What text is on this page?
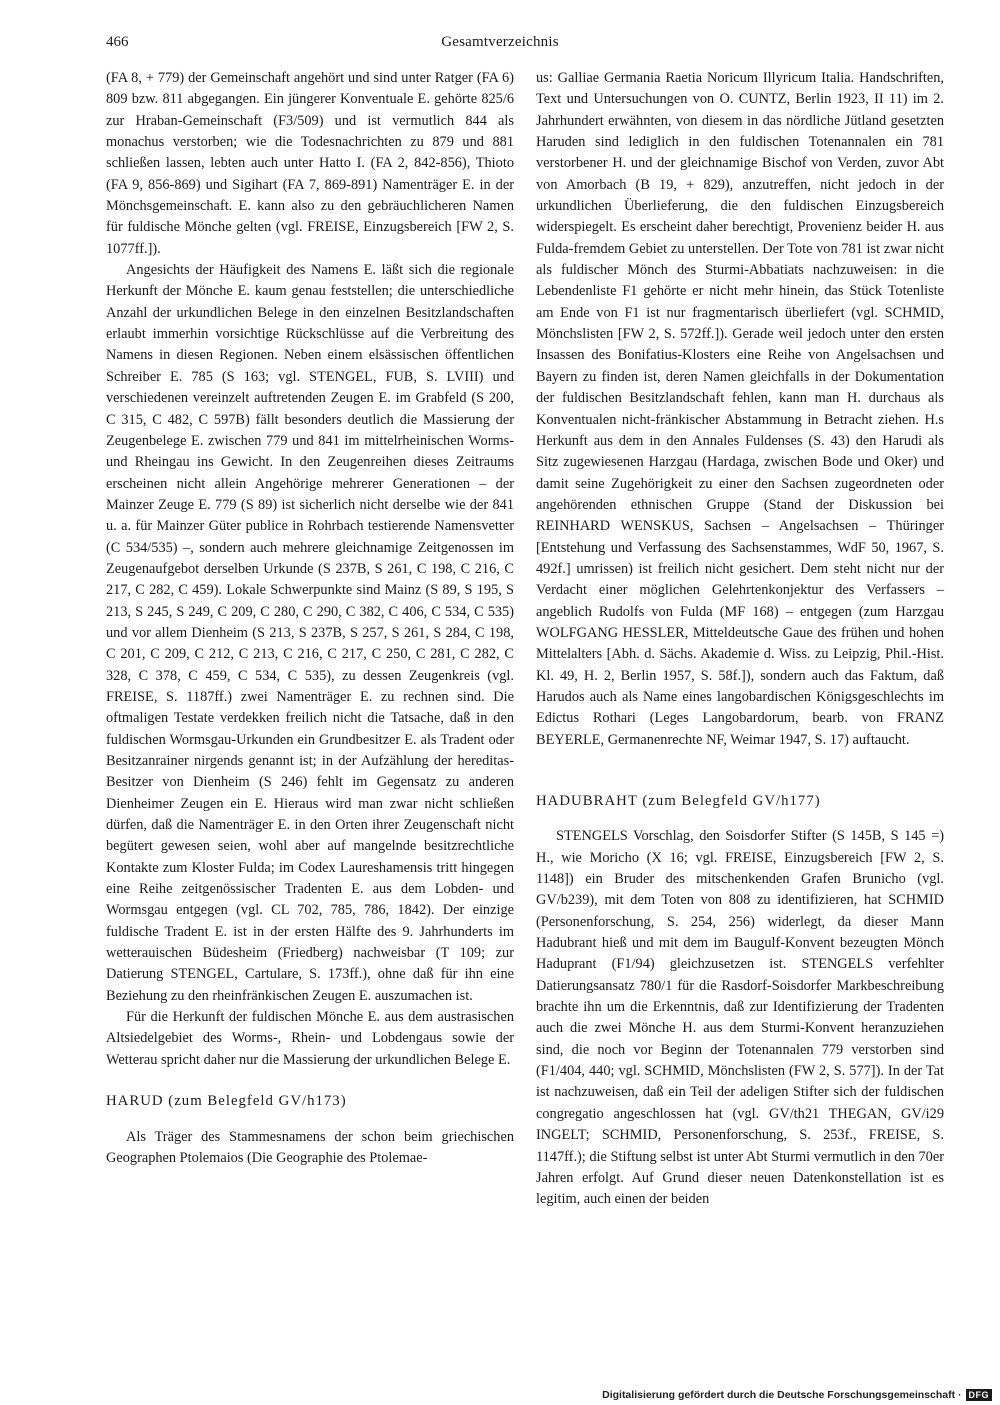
466	Gesamtverzeichnis

(FA 8, + 779) der Gemeinschaft angehört und sind unter Ratger (FA 6) 809 bzw. 811 abgegangen. Ein jüngerer Konventuale E. gehörte 825/6 zur Hraban-Gemeinschaft (F3/509) und ist vermutlich 844 als monachus verstorben; wie die Todesnachrichten zu 879 und 881 schließen lassen, lebten auch unter Hatto I. (FA 2, 842-856), Thioto (FA 9, 856-869) und Sigihart (FA 7, 869-891) Namenträger E. in der Mönchsgemeinschaft. E. kann also zu den gebräuchlicheren Namen für fuldische Mönche gelten (vgl. FREISE, Einzugsbereich [FW 2, S. 1077ff.]).

Angesichts der Häufigkeit des Namens E. läßt sich die regionale Herkunft der Mönche E. kaum genau feststellen; die unterschiedliche Anzahl der urkundlichen Belege in den einzelnen Besitzlandschaften erlaubt immerhin vorsichtige Rückschlüsse auf die Verbreitung des Namens in diesen Regionen. Neben einem elsässischen öffentlichen Schreiber E. 785 (S 163; vgl. STENGEL, FUB, S. LVIII) und verschiedenen vereinzelt auftretenden Zeugen E. im Grabfeld (S 200, C 315, C 482, C 597B) fällt besonders deutlich die Massierung der Zeugenbelege E. zwischen 779 und 841 im mittelrheinischen Worms- und Rheingau ins Gewicht. In den Zeugenreihen dieses Zeitraums erscheinen nicht allein Angehörige mehrerer Generationen – der Mainzer Zeuge E. 779 (S 89) ist sicherlich nicht derselbe wie der 841 u. a. für Mainzer Güter publice in Rohrbach testierende Namensvetter (C 534/535) –, sondern auch mehrere gleichnamige Zeitgenossen im Zeugenaufgebot derselben Urkunde (S 237B, S 261, C 198, C 216, C 217, C 282, C 459). Lokale Schwerpunkte sind Mainz (S 89, S 195, S 213, S 245, S 249, C 209, C 280, C 290, C 382, C 406, C 534, C 535) und vor allem Dienheim (S 213, S 237B, S 257, S 261, S 284, C 198, C 201, C 209, C 212, C 213, C 216, C 217, C 250, C 281, C 282, C 328, C 378, C 459, C 534, C 535), zu dessen Zeugenkreis (vgl. FREISE, S. 1187ff.) zwei Namenträger E. zu rechnen sind. Die oftmaligen Testate verdekken freilich nicht die Tatsache, daß in den fuldischen Wormsgau-Urkunden ein Grundbesitzer E. als Tradent oder Besitzanrainer nirgends genannt ist; in der Aufzählung der hereditas-Besitzer von Dienheim (S 246) fehlt im Gegensatz zu anderen Dienheimer Zeugen ein E. Hieraus wird man zwar nicht schließen dürfen, daß die Namenträger E. in den Orten ihrer Zeugenschaft nicht begütert gewesen seien, wohl aber auf mangelnde besitzrechtliche Kontakte zum Kloster Fulda; im Codex Laureshamensis tritt hingegen eine Reihe zeitgenössischer Tradenten E. aus dem Lobden- und Wormsgau entgegen (vgl. CL 702, 785, 786, 1842). Der einzige fuldische Tradent E. ist in der ersten Hälfte des 9. Jahrhunderts im wetterauischen Büdesheim (Friedberg) nachweisbar (T 109; zur Datierung STENGEL, Cartulare, S. 173ff.), ohne daß für ihn eine Beziehung zu den rheinfränkischen Zeugen E. auszumachen ist.

Für die Herkunft der fuldischen Mönche E. aus dem austrasischen Altsiedelgebiet des Worms-, Rhein- und Lobdengaus sowie der Wetterau spricht daher nur die Massierung der urkundlichen Belege E.

HARUD (zum Belegfeld GV/h173)

Als Träger des Stammesnamens der schon beim griechischen Geographen Ptolemaios (Die Geographie des Ptolemae-

us: Galliae Germania Raetia Noricum Illyricum Italia. Handschriften, Text und Untersuchungen von O. CUNTZ, Berlin 1923, II 11) im 2. Jahrhundert erwähnten, von diesem in das nördliche Jütland gesetzten Haruden sind lediglich in den fuldischen Totenannalen ein 781 verstorbener H. und der gleichnamige Bischof von Verden, zuvor Abt von Amorbach (B 19, + 829), anzutreffen, nicht jedoch in der urkundlichen Überlieferung, die den fuldischen Einzugsbereich widerspiegelt. Es erscheint daher berechtigt, Provenienz beider H. aus Fulda-fremdem Gebiet zu unterstellen. Der Tote von 781 ist zwar nicht als fuldischer Mönch des Sturmi-Abbatiats nachzuweisen: in die Lebendenliste F1 gehörte er nicht mehr hinein, das Stück Totenliste am Ende von F1 ist nur fragmentarisch überliefert (vgl. SCHMID, Mönchslisten [FW 2, S. 572ff.]). Gerade weil jedoch unter den ersten Insassen des Bonifatius-Klosters eine Reihe von Angelsachsen und Bayern zu finden ist, deren Namen gleichfalls in der Dokumentation der fuldischen Besitzlandschaft fehlen, kann man H. durchaus als Konventualen nicht-fränkischer Abstammung in Betracht ziehen. H.s Herkunft aus dem in den Annales Fuldenses (S. 43) den Harudi als Sitz zugewiesenen Harzgau (Hardaga, zwischen Bode und Oker) und damit seine Zugehörigkeit zu einer den Sachsen zugeordneten oder angehörenden ethnischen Gruppe (Stand der Diskussion bei REINHARD WENSKUS, Sachsen – Angelsachsen – Thüringer [Entstehung und Verfassung des Sachsenstammes, WdF 50, 1967, S. 492f.] umrissen) ist freilich nicht gesichert. Dem steht nicht nur der Verdacht einer möglichen Gelehrtenkonjektur des Verfassers – angeblich Rudolfs von Fulda (MF 168) – entgegen (zum Harzgau WOLFGANG HESSLER, Mitteldeutsche Gaue des frühen und hohen Mittelalters [Abh. d. Sächs. Akademie d. Wiss. zu Leipzig, Phil.-Hist. Kl. 49, H. 2, Berlin 1957, S. 58f.]), sondern auch das Faktum, daß Harudos auch als Name eines langobardischen Königsgeschlechts im Edictus Rothari (Leges Langobardorum, bearb. von FRANZ BEYERLE, Germanenrechte NF, Weimar 1947, S. 17) auftaucht.

HADUBRAHT (zum Belegfeld GV/h177)

STENGELS Vorschlag, den Soisdorfer Stifter (S 145B, S 145 =) H., wie Moricho (X 16; vgl. FREISE, Einzugsbereich [FW 2, S. 1148]) ein Bruder des mitschenkenden Grafen Brunicho (vgl. GV/b239), mit dem Toten von 808 zu identifizieren, hat SCHMID (Personenforschung, S. 254, 256) widerlegt, da dieser Mann Hadubrant hieß und mit dem im Baugulf-Konvent bezeugten Mönch Haduprant (F1/94) gleichzusetzen ist. STENGELS verfehlter Datierungsansatz 780/1 für die Rasdorf-Soisdorfer Markbeschreibung brachte ihn um die Erkenntnis, daß zur Identifizierung der Tradenten auch die zwei Mönche H. aus dem Sturmi-Konvent heranzuziehen sind, die noch vor Beginn der Totenannalen 779 verstorben sind (F1/404, 440; vgl. SCHMID, Mönchslisten (FW 2, S. 577]). In der Tat ist nachzuweisen, daß ein Teil der adeligen Stifter sich der fuldischen congregatio angeschlossen hat (vgl. GV/th21 THEGAN, GV/i29 INGELT; SCHMID, Personenforschung, S. 253f., FREISE, S. 1147ff.); die Stiftung selbst ist unter Abt Sturmi vermutlich in den 70er Jahren erfolgt. Auf Grund dieser neuen Datenkonstellation ist es legitim, auch einen der beiden

Digitalisierung gefördert durch die Deutsche Forschungsgemeinschaft · DFG
